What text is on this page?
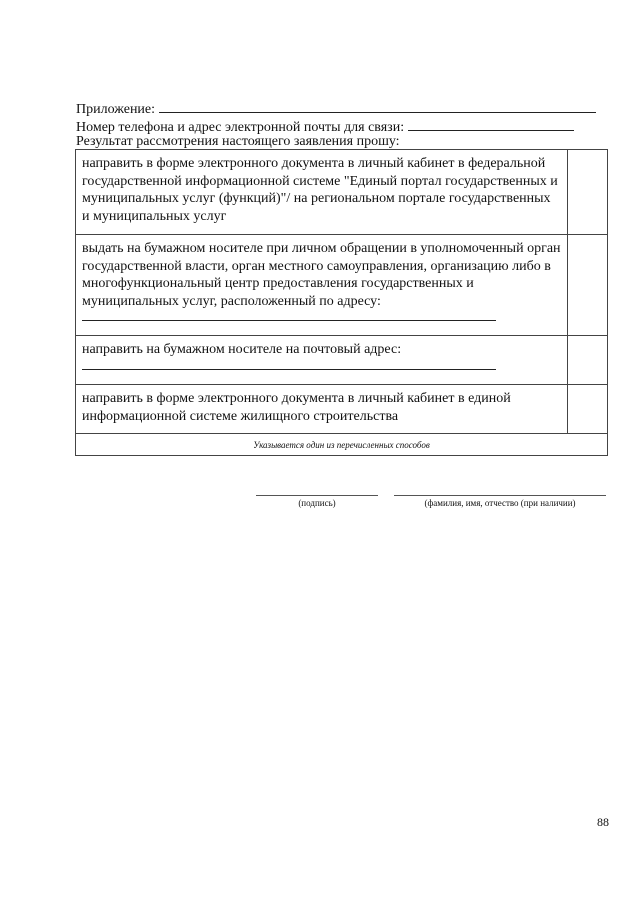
Приложение:
Номер телефона и адрес электронной почты для связи:
Результат рассмотрения настоящего заявления прошу:
направить в форме электронного документа в личный кабинет в федеральной государственной информационной системе "Единый портал государственных и муниципальных услуг (функций)"/ на региональном портале государственных и муниципальных услуг
выдать на бумажном носителе при личном обращении в уполномоченный орган государственной власти, орган местного самоуправления, организацию либо в многофункциональный центр предоставления государственных и муниципальных услуг, расположенный по адресу:
направить на бумажном носителе на почтовый адрес:
направить в форме электронного документа в личный кабинет в единой информационной системе жилищного строительства
Указывается один из перечисленных способов
(подпись)	(фамилия, имя, отчество (при наличии)
88
